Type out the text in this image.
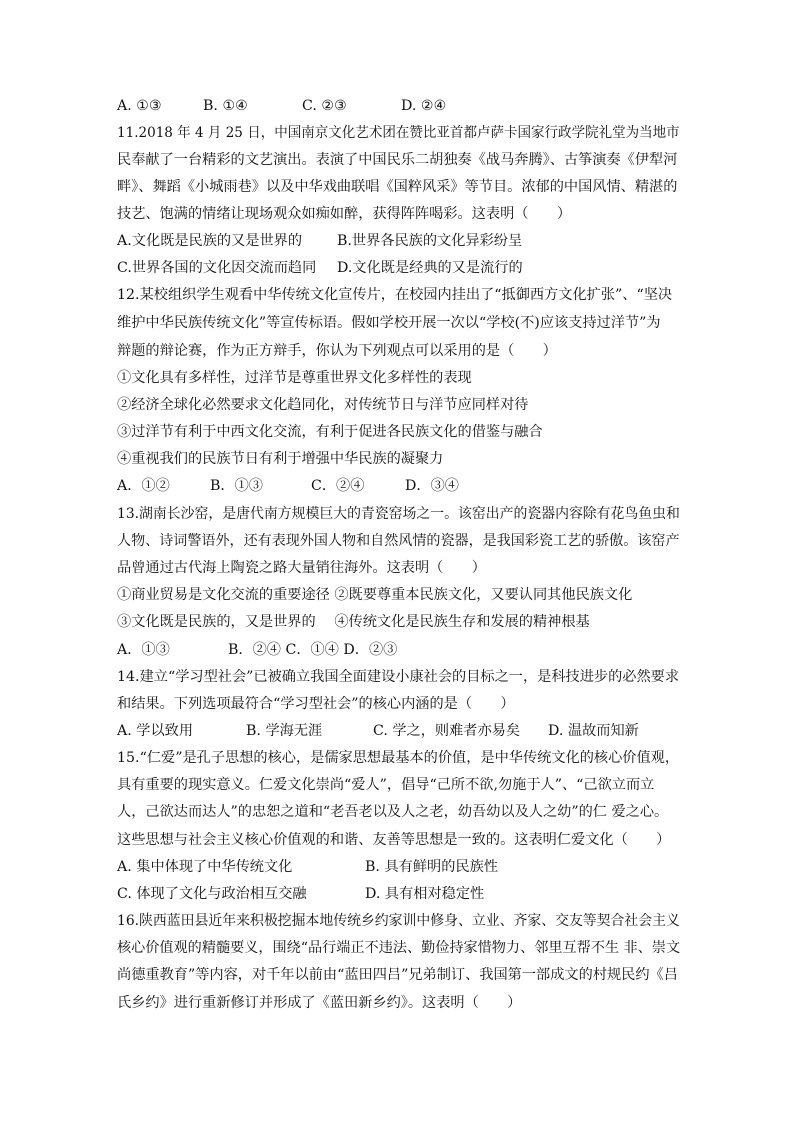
A. ①③	B. ①④	C. ②③	D. ②④
11.2018 年 4 月 25 日，中国南京文化艺术团在赞比亚首都卢萨卡国家行政学院礼堂为当地市
民奉献了一台精彩的文艺演出。表演了中国民乐二胡独奏《战马奔腾》、古筝演奏《伊犁河
畔》、舞蹈《小城雨巷》以及中华戏曲联唱《国粹风采》等节目。浓郁的中国风情、精湛的
技艺、饱满的情绪让现场观众如痴如醉，获得阵阵喝彩。这表明（　　）
A.文化既是民族的又是世界的 B.世界各民族的文化异彩纷呈
C.世界各国的文化因交流而趋同 D.文化既是经典的又是流行的
12.某校组织学生观看中华传统文化宣传片，在校园内挂出了“抵御西方文化扩张”、“坚决
维护中华民族传统文化”等宣传标语。假如学校开展一次以“学校(不)应该支持过洋节”为
辩题的辩论赛，作为正方辩手，你认为下列观点可以采用的是（　　）
①文化具有多样性，过洋节是尊重世界文化多样性的表现
②经济全球化必然要求文化趋同化，对传统节日与洋节应同样对待
③过洋节有利于中西文化交流，有利于促进各民族文化的借鉴与融合
④重视我们的民族节日有利于增强中华民族的凝聚力
A．①②	B．①③	C．②④	D．③④
13.湖南长沙窑，是唐代南方规模巨大的青瓷窑场之一。该窑出产的瓷器内容除有花鸟鱼虫和
人物、诗词警语外，还有表现外国人物和自然风情的瓷器，是我国彩瓷工艺的骄傲。该窑产
品曾通过古代海上陶瓷之路大量销往海外。这表明（　　）
①商业贸易是文化交流的重要途径 ②既要尊重本民族文化，又要认同其他民族文化
③文化既是民族的，又是世界的　 ④传统文化是民族生存和发展的精神根基
A．①③	B．②④ C．①④ D．②③
14.建立“学习型社会”已被确立我国全面建设小康社会的目标之一，是科技进步的必然要求
和结果。下列选项最符合“学习型社会”的核心内涵的是（　　）
A. 学以致用	B. 学海无涯	C. 学之，则难者亦易矣 D. 温故而知新
15.“仁爱”是孔子思想的核心，是儒家思想最基本的价值，是中华传统文化的核心价值观，
具有重要的现实意义。仁爱文化崇尚“爱人”，倡导“己所不欲,勿施于人”、“己欲立而立
人，己欲达而达人”的忠恕之道和“老吾老以及人之老，幼吾幼以及人之幼”的仁 爱之心。
这些思想与社会主义核心价值观的和谐、友善等思想是一致的。这表明仁爱文化（　　）
A. 集中体现了中华传统文化	B. 具有鲜明的民族性
C. 体现了文化与政治相互交融	D. 具有相对稳定性
16.陕西蓝田县近年来积极挖掘本地传统乡约家训中修身、立业、齐家、交友等契合社会主义
核心价值观的精髓要义，围绕“品行端正不违法、勤俭持家惜物力、邻里互帮不生 非、崇文
尚德重教育”等内容，对千年以前由“蓝田四吕”兄弟制订、我国第一部成文的村规民约《吕
氏乡约》进行重新修订并形成了《蓝田新乡约》。这表明（　　）
